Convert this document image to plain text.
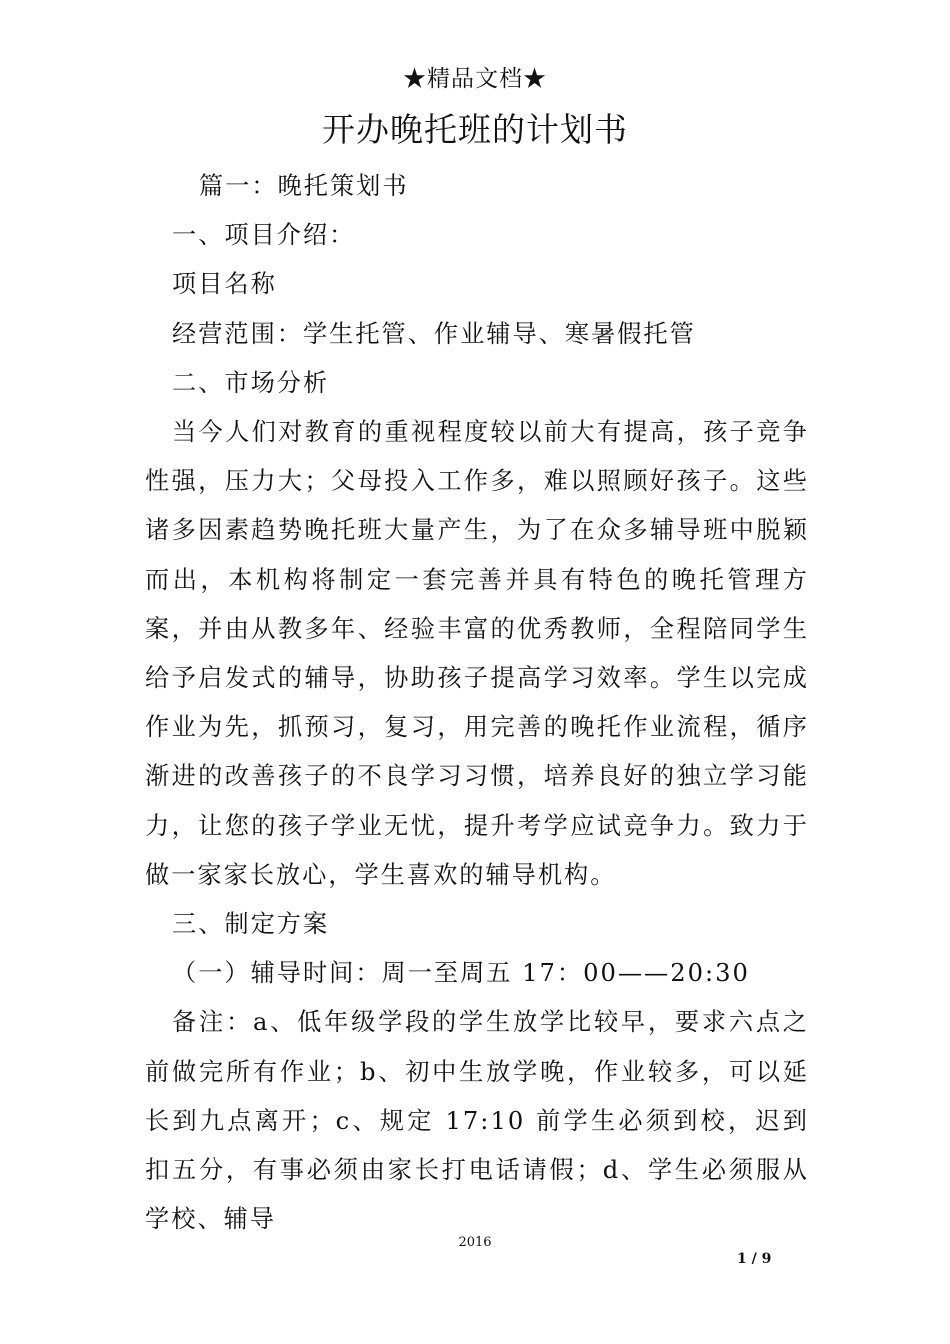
★精品文档★
开办晚托班的计划书

篇一：晚托策划书

一、项目介绍：

项目名称

经营范围：学生托管、作业辅导、寒暑假托管

二、市场分析

当今人们对教育的重视程度较以前大有提高，孩子竞争性强，压力大；父母投入工作多，难以照顾好孩子。这些诸多因素趋势晚托班大量产生，为了在众多辅导班中脱颖而出，本机构将制定一套完善并具有特色的晚托管理方案，并由从教多年、经验丰富的优秀教师，全程陪同学生给予启发式的辅导，协助孩子提高学习效率。学生以完成作业为先，抓预习，复习，用完善的晚托作业流程，循序渐进的改善孩子的不良学习习惯，培养良好的独立学习能力，让您的孩子学业无忧，提升考学应试竞争力。致力于做一家家长放心，学生喜欢的辅导机构。

三、制定方案

（一）辅导时间：周一至周五 17：00——20:30

备注：a、低年级学段的学生放学比较早，要求六点之前做完所有作业；b、初中生放学晚，作业较多，可以延长到九点离开；c、规定 17:10 前学生必须到校，迟到扣五分，有事必须由家长打电话请假；d、学生必须服从学校、辅导

2016
1 / 9
